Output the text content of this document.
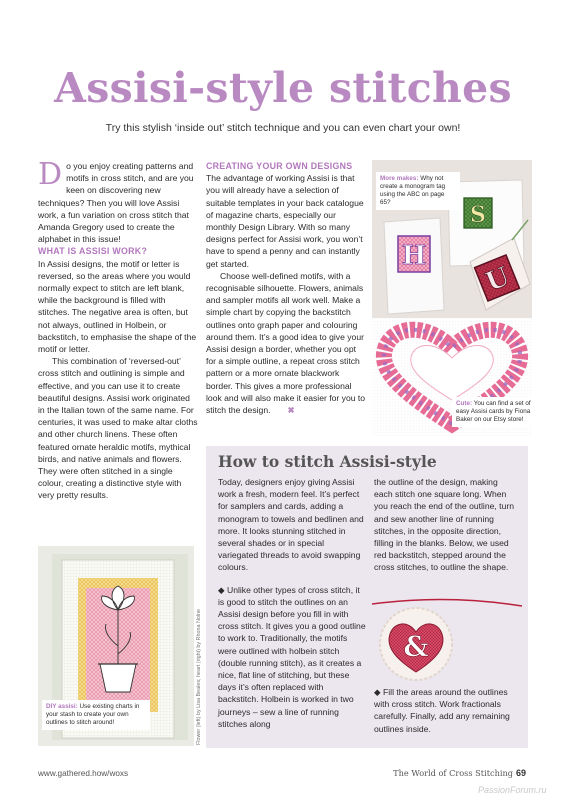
Assisi-style stitches
Try this stylish ‘inside out’ stitch technique and you can even chart your own!

Do you enjoy creating patterns and motifs in cross stitch, and are you keen on discovering new techniques? Then you will love Assisi work, a fun variation on cross stitch that Amanda Gregory used to create the alphabet in this issue!

WHAT IS ASSISI WORK?

In Assisi designs, the motif or letter is reversed, so the areas where you would normally expect to stitch are left blank, while the background is filled with stitches. The negative area is often, but not always, outlined in Holbein, or backstitch, to emphasise the shape of the motif or letter.

This combination of ‘reversed-out’ cross stitch and outlining is simple and effective, and you can use it to create beautiful designs. Assisi work originated in the Italian town of the same name. For centuries, it was used to make altar cloths and other church linens. These often featured ornate heraldic motifs, mythical birds, and native animals and flowers. They were often stitched in a single colour, creating a distinctive style with very pretty results.

CREATING YOUR OWN DESIGNS

The advantage of working Assisi is that you will already have a selection of suitable templates in your back catalogue of magazine charts, especially our monthly Design Library. With so many designs perfect for Assisi work, you won’t have to spend a penny and can instantly get started.

Choose well-defined motifs, with a recognisable silhouette. Flowers, animals and sampler motifs all work well. Make a simple chart by copying the backstitch outlines onto graph paper and colouring around them. It’s a good idea to give your Assisi design a border, whether you opt for a simple outline, a repeat cross stitch pattern or a more ornate blackwork border. This gives a more professional look and will also make it easier for you to stitch the design. ✖

H
S
U
More makes: Why not create a monogram tag using the ABC on page 65?
Cute: You can find a set of easy Assisi cards by Fiona Baker on our Etsy store!
DIY assisi: Use existing charts in your stash to create your own outlines to stitch around!	Flower (left) by Lisa Beales; heart (right) by Rhona Nolne
How to stitch Assisi-style

Today, designers enjoy giving Assisi work a fresh, modern feel. It’s perfect for samplers and cards, adding a monogram to towels and bedlinen and more. It looks stunning stitched in several shades or in special variegated threads to avoid swapping colours.

◆ Unlike other types of cross stitch, it is good to stitch the outlines on an Assisi design before you fill in with cross stitch. It gives you a good outline to work to. Traditionally, the motifs were outlined with holbein stitch (double running stitch), as it creates a nice, flat line of stitching, but these days it’s often replaced with backstitch. Holbein is worked in two journeys – sew a line of running stitches along

the outline of the design, making each stitch one square long. When you reach the end of the outline, turn and sew another line of running stitches, in the opposite direction, filling in the blanks. Below, we used red backstitch, stepped around the cross stitches, to outline the shape.

&

◆ Fill the areas around the outlines with cross stitch. Work fractionals carefully. Finally, add any remaining outlines inside.

www.gathered.how/woxs	The World of Cross Stitching 69
PassionForum.ru
